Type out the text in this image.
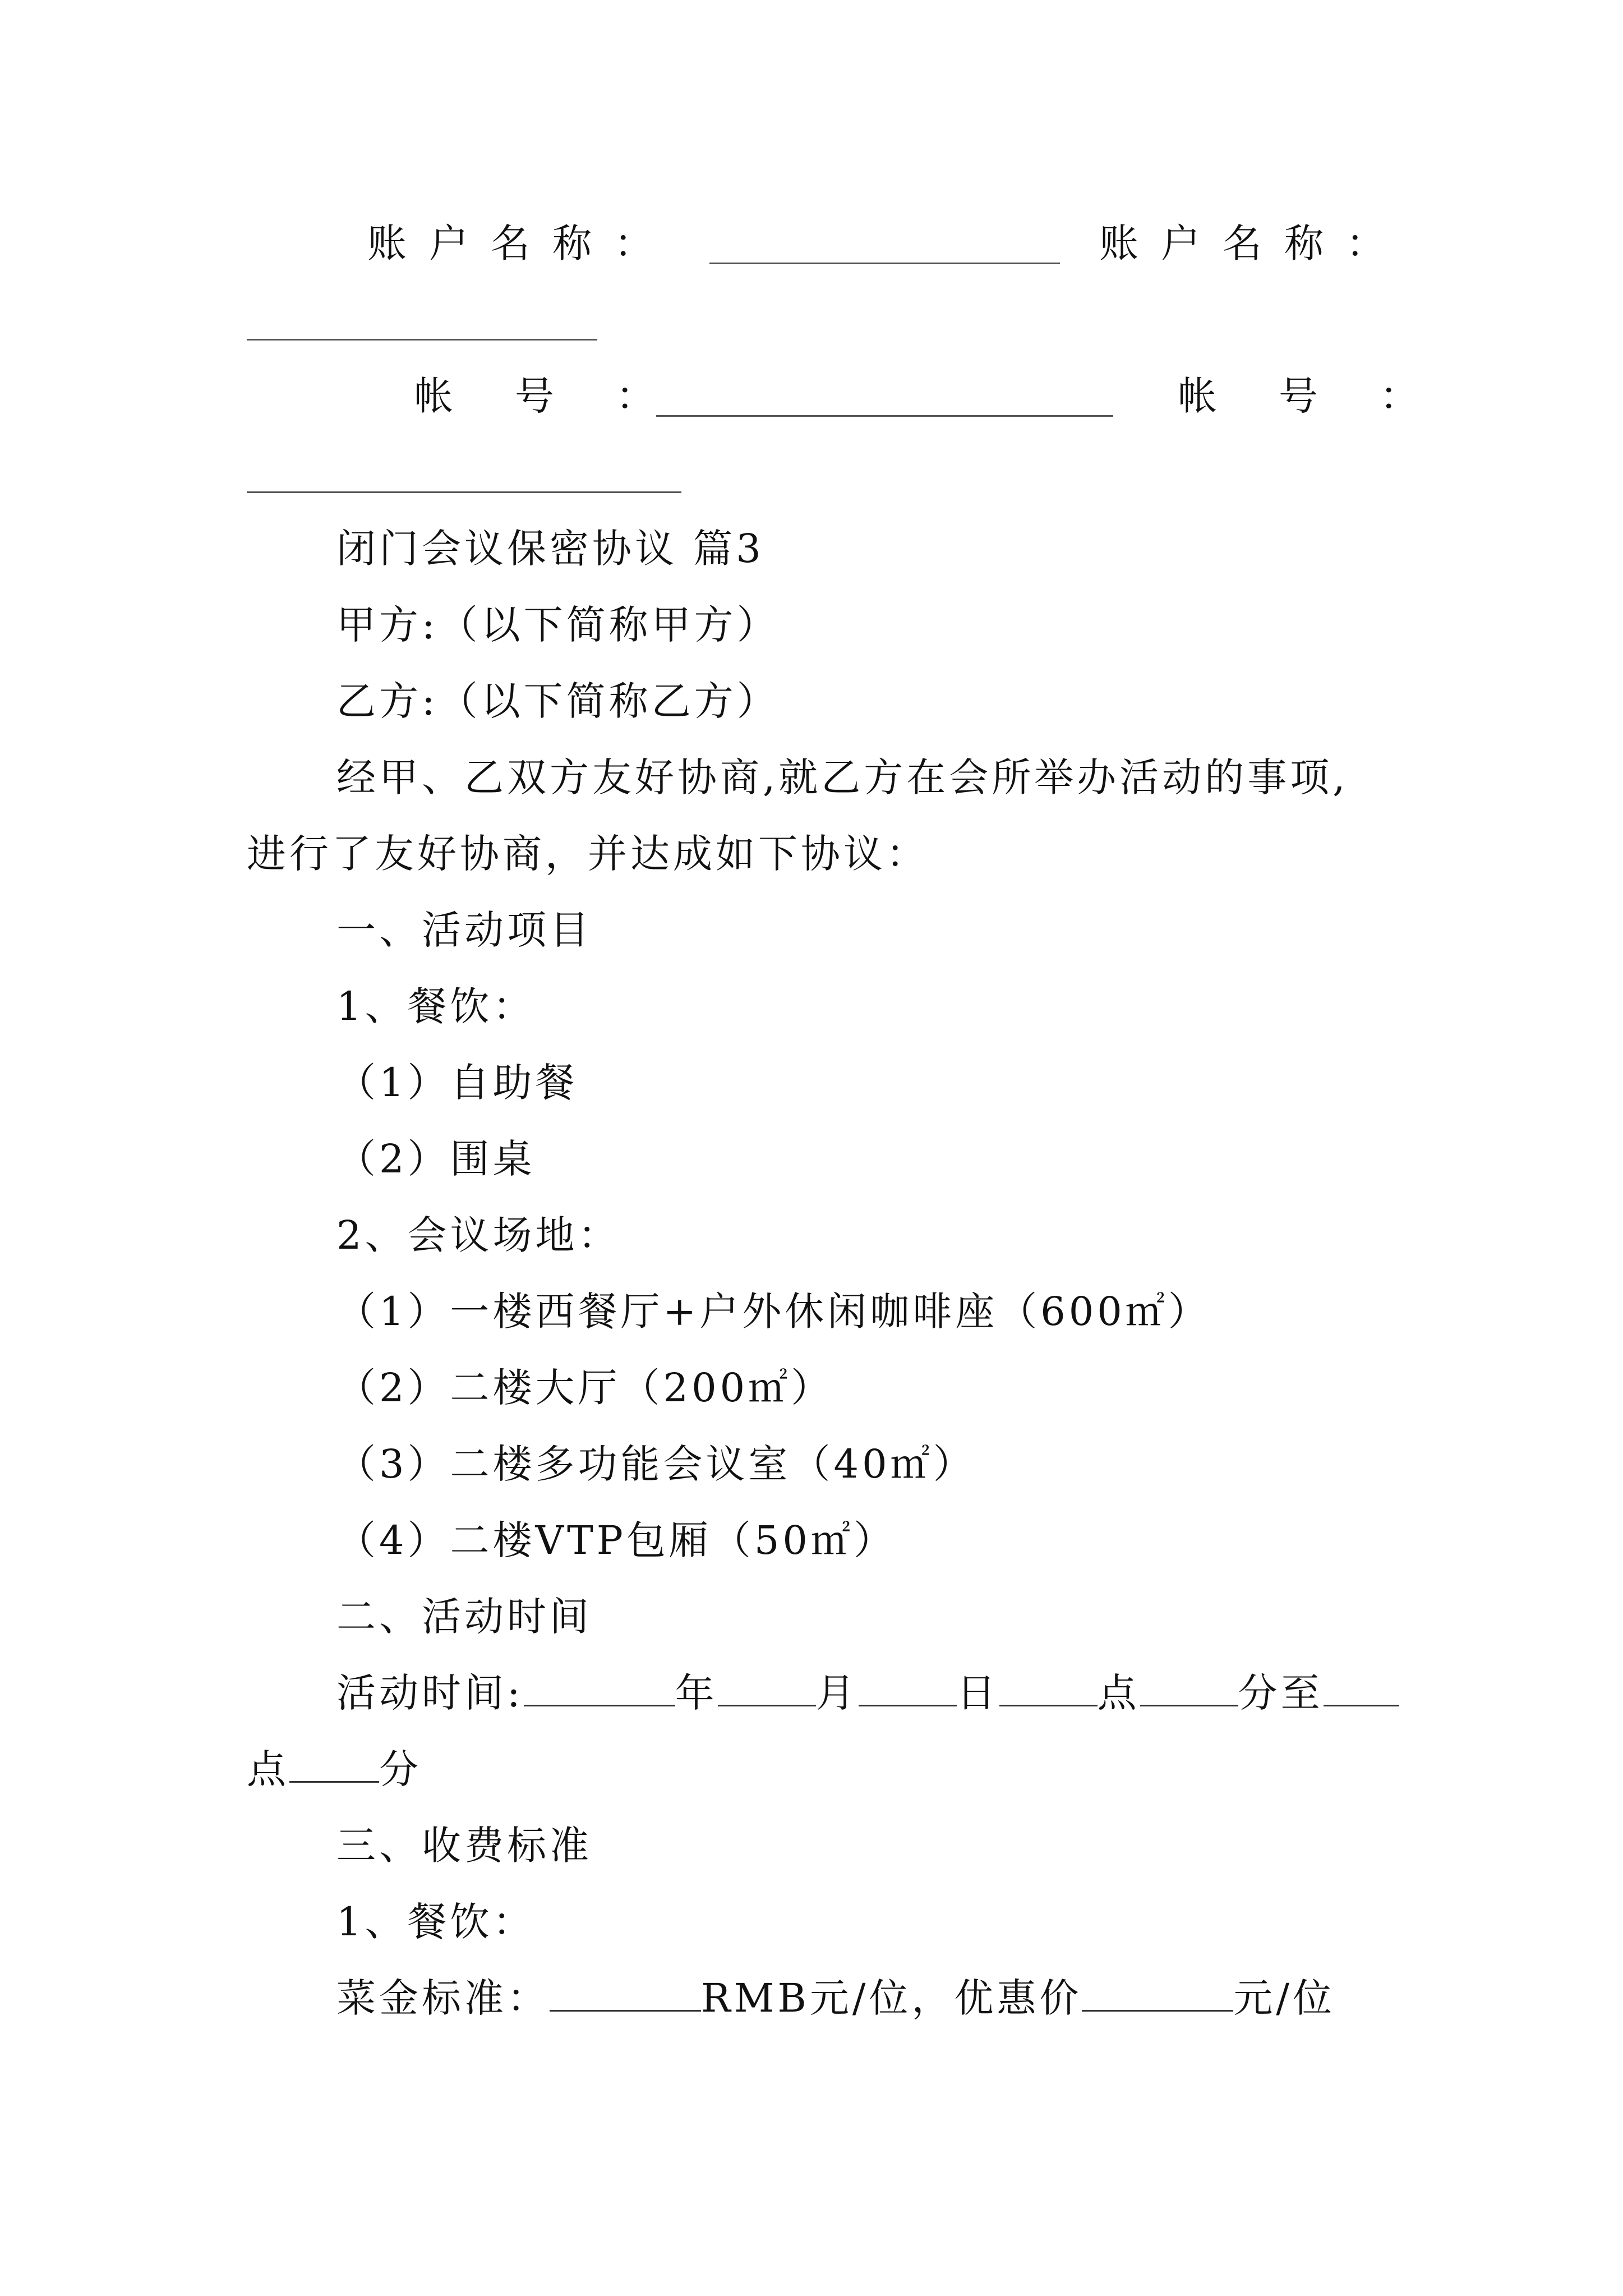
账户名称：	账户名称：
帐号：	帐号：
闭门会议保密协议 篇3
甲方:（以下简称甲方）
乙方:（以下简称乙方）
经甲、乙双方友好协商,就乙方在会所举办活动的事项,
进行了友好协商，并达成如下协议：
一、活动项目
1、餐饮：
（1）自助餐
（2）围桌
2、会议场地：
（1）一楼西餐厅+户外休闲咖啡座（600㎡）
（2）二楼大厅（200㎡）
（3）二楼多功能会议室（40㎡）
（4）二楼VTP包厢（50㎡）
二、活动时间
活动时间:	年	月	日	点	分至
点 分
三、收费标准
1、餐饮：
菜金标准：	RMB元/位，优惠价	元/位
